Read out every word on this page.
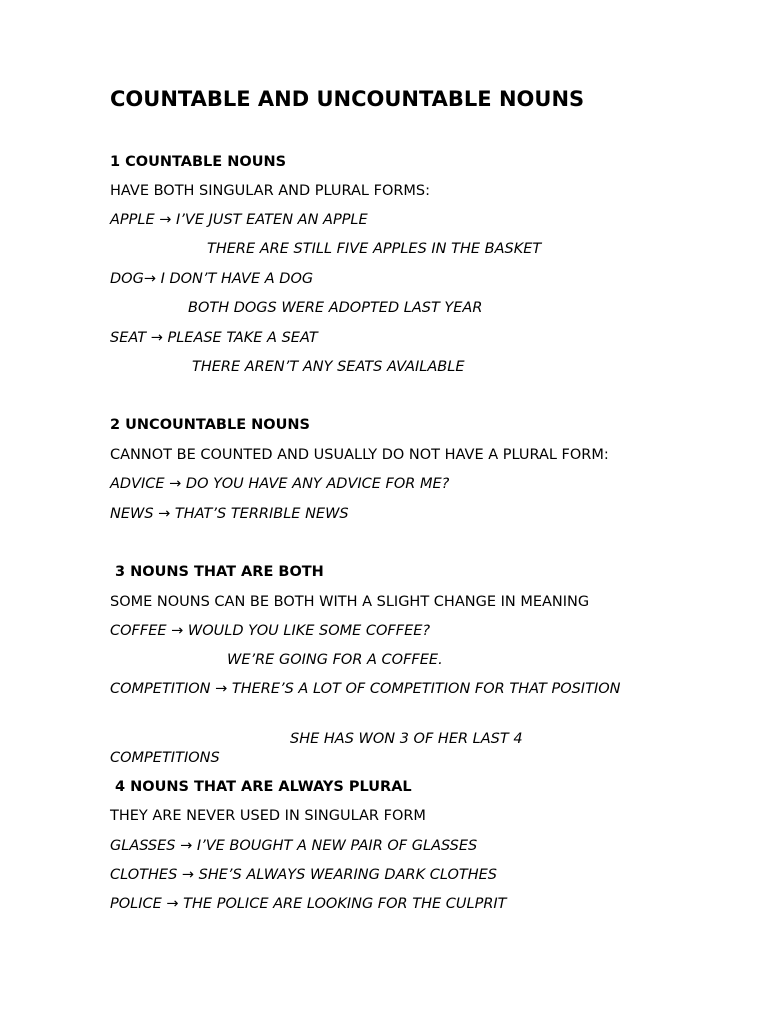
COUNTABLE AND UNCOUNTABLE NOUNS
1 COUNTABLE NOUNS
HAVE BOTH SINGULAR AND PLURAL FORMS:
APPLE → I’VE JUST EATEN AN APPLE
THERE ARE STILL FIVE APPLES IN THE BASKET
DOG→ I DON’T HAVE A DOG
BOTH DOGS WERE ADOPTED LAST YEAR
SEAT → PLEASE TAKE A SEAT
THERE AREN’T ANY SEATS AVAILABLE
2 UNCOUNTABLE NOUNS
CANNOT BE COUNTED AND USUALLY DO NOT HAVE A PLURAL FORM:
ADVICE → DO YOU HAVE ANY ADVICE FOR ME?
NEWS → THAT’S TERRIBLE NEWS
3 NOUNS THAT ARE BOTH
SOME NOUNS CAN BE BOTH WITH A SLIGHT CHANGE IN MEANING
COFFEE → WOULD YOU LIKE SOME COFFEE?
WE’RE GOING FOR A COFFEE.
COMPETITION → THERE’S A LOT OF COMPETITION FOR THAT POSITION
SHE HAS WON 3 OF HER LAST 4
COMPETITIONS
4 NOUNS THAT ARE ALWAYS PLURAL
THEY ARE NEVER USED IN SINGULAR FORM
GLASSES → I’VE BOUGHT A NEW PAIR OF GLASSES
CLOTHES → SHE’S ALWAYS WEARING DARK CLOTHES
POLICE → THE POLICE ARE LOOKING FOR THE CULPRIT
